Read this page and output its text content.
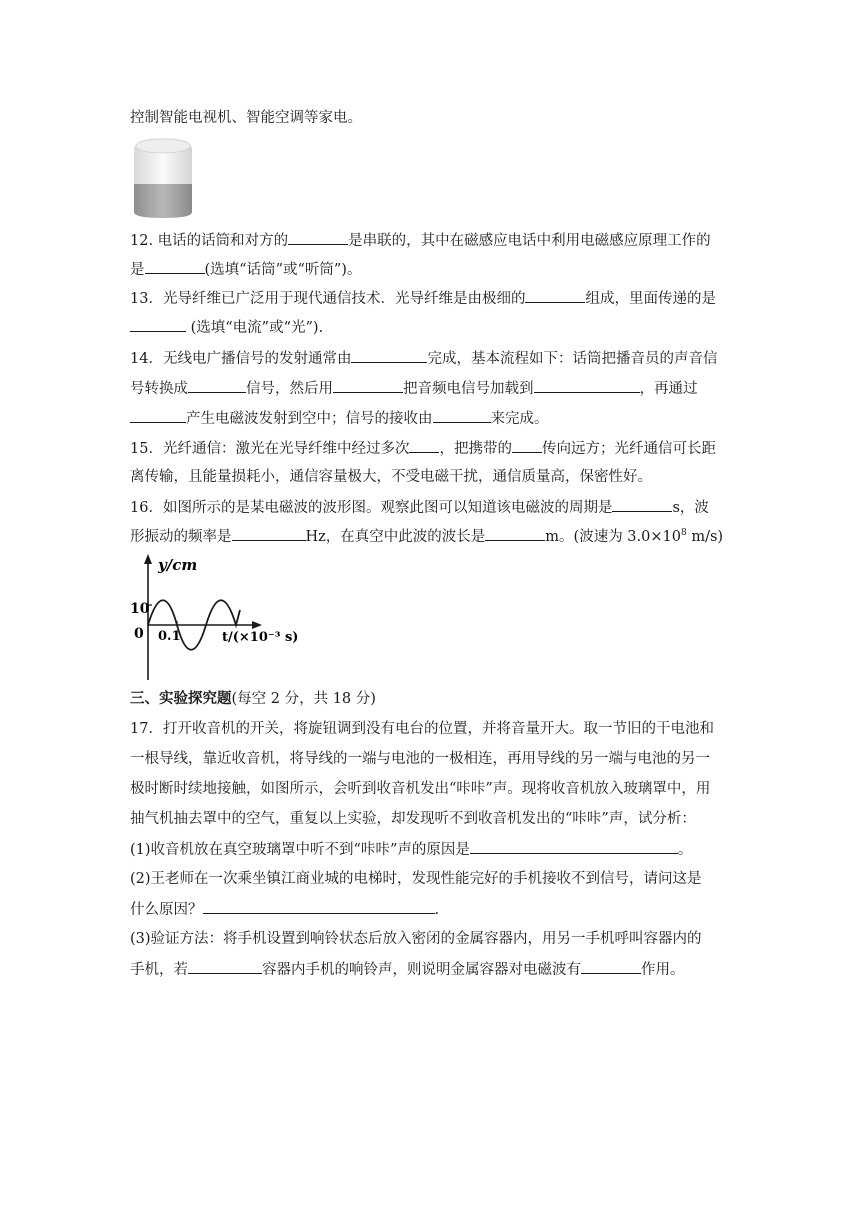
控制智能电视机、智能空调等家电。
12. 电话的话筒和对方的	是串联的，其中在磁感应电话中利用电磁感应原理工作的
是	(选填“话筒”或“听筒”)。
13．光导纤维已广泛用于现代通信技术．光导纤维是由极细的	组成，里面传递的是
(选填“电流”或“光”).
14．无线电广播信号的发射通常由	完成，基本流程如下：话筒把播音员的声音信
号转换成	信号，然后用	把音频电信号加载到	，再通过
产生电磁波发射到空中；信号的接收由	来完成。
15．光纤通信：激光在光导纤维中经过多次 ，把携带的 传向远方；光纤通信可长距
离传输，且能量损耗小，通信容量极大，不受电磁干扰，通信质量高，保密性好。
16．如图所示的是某电磁波的波形图。观察此图可以知道该电磁波的周期是	s，波
形振动的频率是	Hz，在真空中此波的波长是	m。(波速为 $3.0\times 10^8$ m/s)
y/cm
10
0 0.1	t/(×10⁻³ s)
三、实验探究题(每空 2 分，共 18 分)
17．打开收音机的开关，将旋钮调到没有电台的位置，并将音量开大。取一节旧的干电池和
一根导线，靠近收音机，将导线的一端与电池的一极相连，再用导线的另一端与电池的另一
极时断时续地接触，如图所示，会听到收音机发出“咔咔”声。现将收音机放入玻璃罩中，用
抽气机抽去罩中的空气，重复以上实验，却发现听不到收音机发出的“咔咔”声，试分析：
(1)收音机放在真空玻璃罩中听不到“咔咔”声的原因是	。
(2)王老师在一次乘坐镇江商业城的电梯时，发现性能完好的手机接收不到信号，请问这是
什么原因？	.
(3)验证方法：将手机设置到响铃状态后放入密闭的金属容器内，用另一手机呼叫容器内的
手机，若	容器内手机的响铃声，则说明金属容器对电磁波有	作用。
